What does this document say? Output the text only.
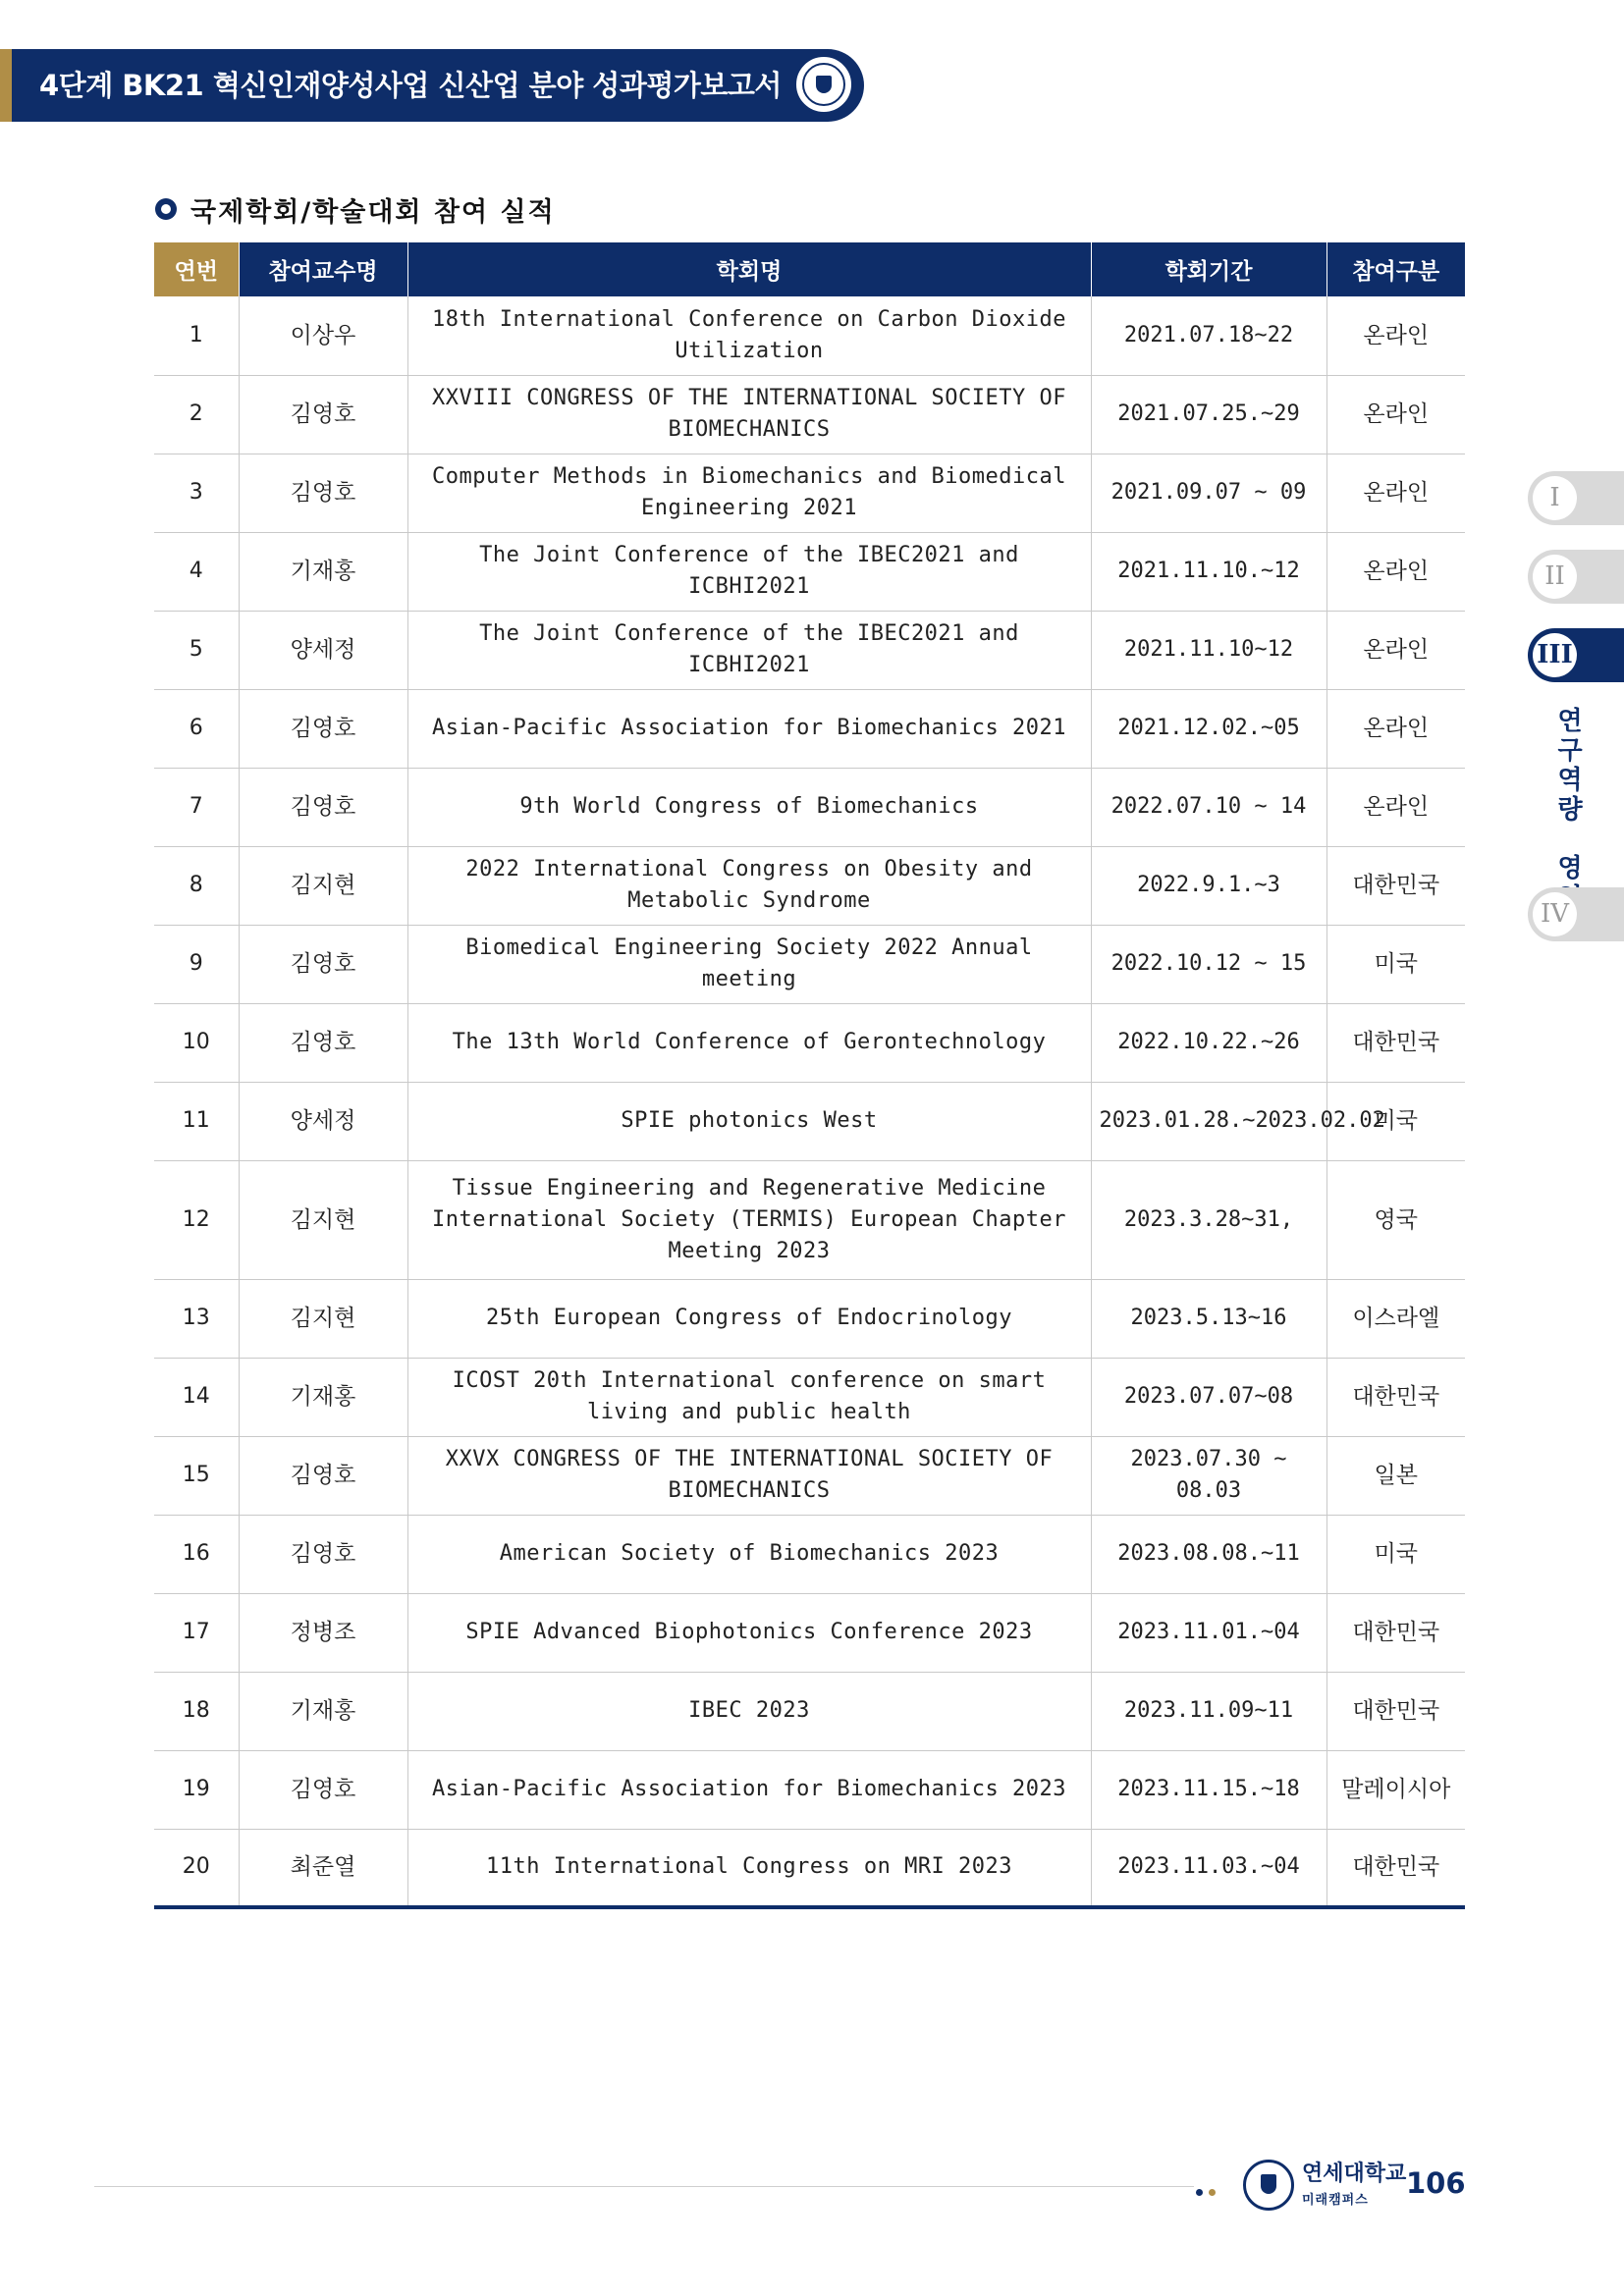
4단계 BK21 혁신인재양성사업 신산업 분야 성과평가보고서
국제학회/학술대회 참여 실적
연번	참여교수명	학회명	학회기간	참여구분
1	이상우	18th International Conference on Carbon Dioxide Utilization	2021.07.18~22	온라인
2	김영호	XXVIII CONGRESS OF THE INTERNATIONAL SOCIETY OF BIOMECHANICS	2021.07.25.~29	온라인
3	김영호	Computer Methods in Biomechanics and Biomedical Engineering 2021	2021.09.07 ~ 09	온라인
4	기재홍	The Joint Conference of the IBEC2021 and ICBHI2021	2021.11.10.~12	온라인
5	양세정	The Joint Conference of the IBEC2021 and ICBHI2021	2021.11.10~12	온라인
6	김영호	Asian-Pacific Association for Biomechanics 2021	2021.12.02.~05	온라인
7	김영호	9th World Congress of Biomechanics	2022.07.10 ~ 14	온라인
8	김지현	2022 International Congress on Obesity and Metabolic Syndrome	2022.9.1.~3	대한민국
9	김영호	Biomedical Engineering Society 2022 Annual meeting	2022.10.12 ~ 15	미국
10	김영호	The 13th World Conference of Gerontechnology	2022.10.22.~26	대한민국
11	양세정	SPIE photonics West	2023.01.28.~2023.02.02	미국
12	김지현	Tissue Engineering and Regenerative Medicine International Society (TERMIS) European Chapter Meeting 2023	2023.3.28~31,	영국
13	김지현	25th European Congress of Endocrinology	2023.5.13~16	이스라엘
14	기재홍	ICOST 20th International conference on smart living and public health	2023.07.07~08	대한민국
15	김영호	XXVX CONGRESS OF THE INTERNATIONAL SOCIETY OF BIOMECHANICS	2023.07.30 ~ 08.03	일본
16	김영호	American Society of Biomechanics 2023	2023.08.08.~11	미국
17	정병조	SPIE Advanced Biophotonics Conference 2023	2023.11.01.~04	대한민국
18	기재홍	IBEC 2023	2023.11.09~11	대한민국
19	김영호	Asian-Pacific Association for Biomechanics 2023	2023.11.15.~18	말레이시아
20	최준열	11th International Congress on MRI 2023	2023.11.03.~04	대한민국
I
II
III
연
구
역
량

영
IV
연세대학교
미래캠퍼스
106
